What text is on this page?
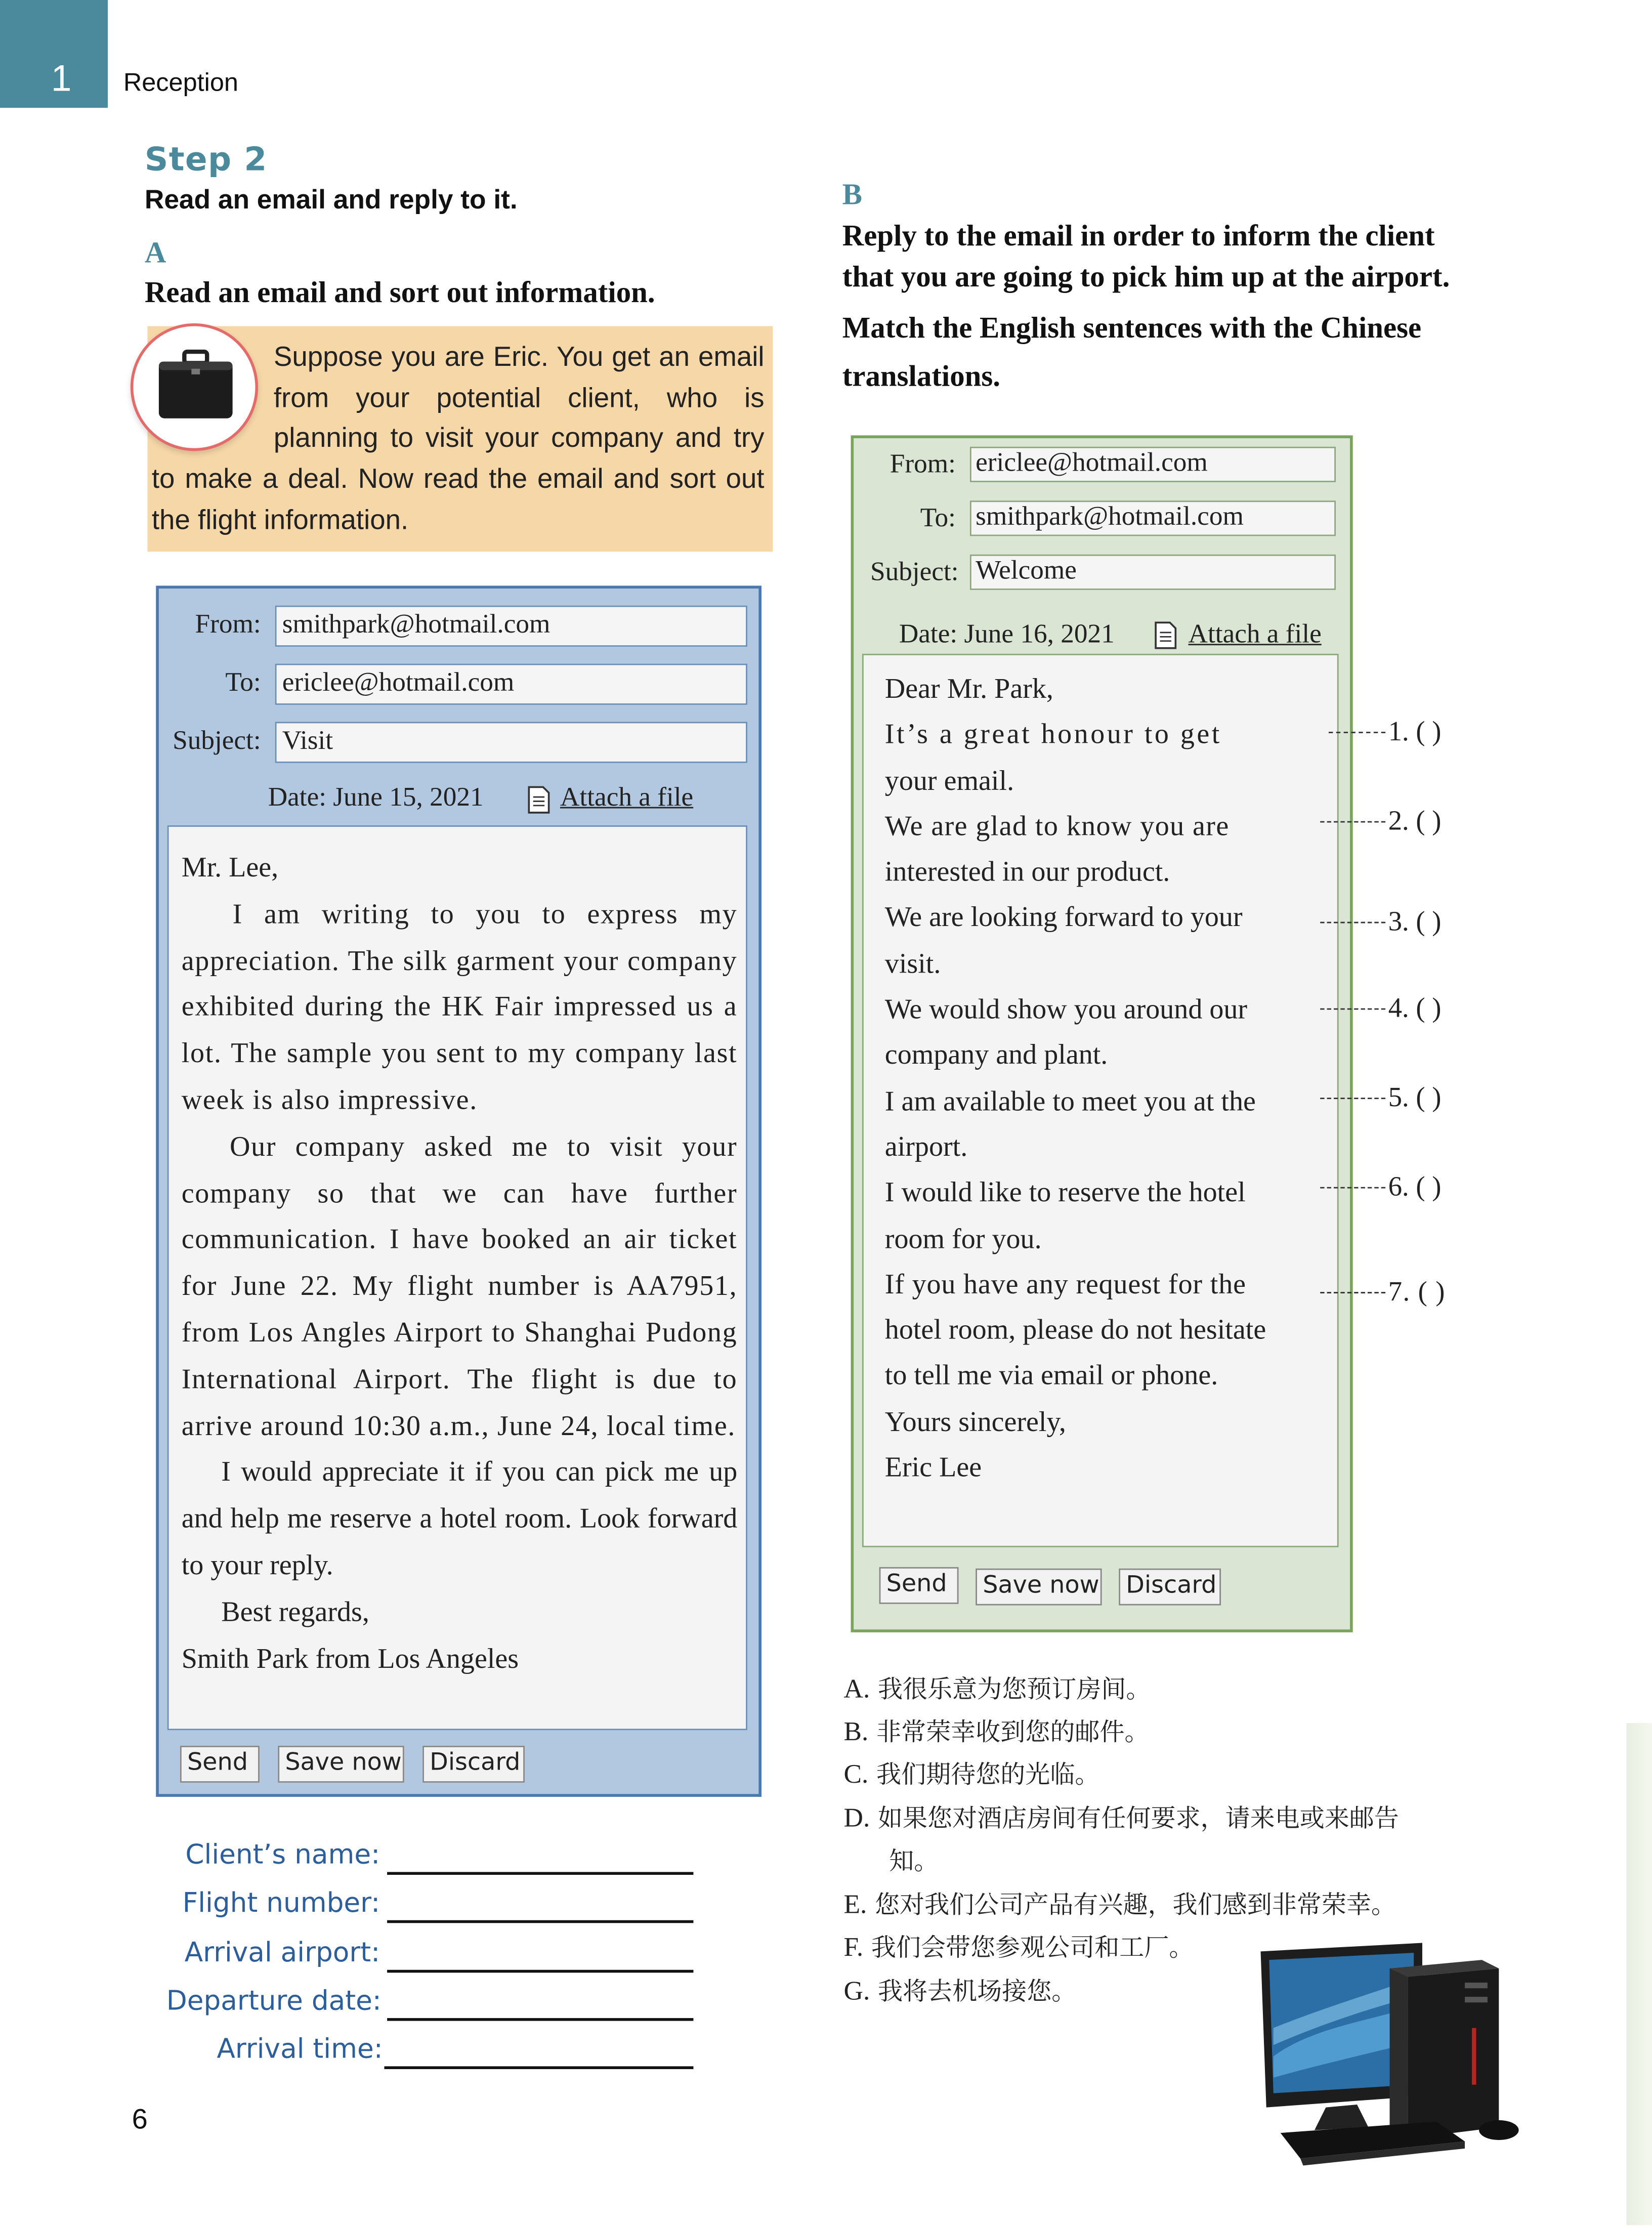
1	Reception
Step 2
Read an email and reply to it.
A
Read an email and sort out information.
Suppose you are Eric. You get an email from your potential client, who is planning to visit your company and try to make a deal. Now read the email and sort out the flight information.
From:	smithpark@hotmail.com
To:	ericlee@hotmail.com
Subject:	Visit
Date: June 15, 2021	Attach a file

Mr. Lee,

I am writing to you to express my appreciation. The silk garment your company exhibited during the HK Fair impressed us a lot. The sample you sent to my company last week is also impressive.

Our company asked me to visit your company so that we can have further communication. I have booked an air ticket for June 22. My flight number is AA7951, from Los Angles Airport to Shanghai Pudong International Airport. The flight is due to arrive around 10:30 a.m., June 24, local time.

I would appreciate it if you can pick me up and help me reserve a hotel room. Look forward to your reply.

Best regards,

Smith Park from Los Angeles

Send	Save now	Discard
Client’s name:
Flight number:
Arrival airport:
Departure date:
Arrival time:
6
B
Reply to the email in order to inform the client that you are going to pick him up at the airport.
Match the English sentences with the Chinese translations.
From:	ericlee@hotmail.com
To:	smithpark@hotmail.com
Subject:	Welcome
Date: June 16, 2021	Attach a file
Dear Mr. Park,
It’s a great honour to get
your email.
We are glad to know you are
interested in our product.
We are looking forward to your
visit.
We would show you around our
company and plant.
I am available to meet you at the
airport.
I would like to reserve the hotel
room for you.
If you have any request for the
hotel room, please do not hesitate
to tell me via email or phone.
Yours sincerely,
Eric Lee
Send	Save now	Discard
1. ( )
2. ( )
3. ( )
4. ( )
5. ( )
6. ( )
7. ( )
A. 我很乐意为您预订房间。
B. 非常荣幸收到您的邮件。
C. 我们期待您的光临。
D. 如果您对酒店房间有任何要求，请来电或来邮告
知。
E. 您对我们公司产品有兴趣，我们感到非常荣幸。
F. 我们会带您参观公司和工厂。
G. 我将去机场接您。
